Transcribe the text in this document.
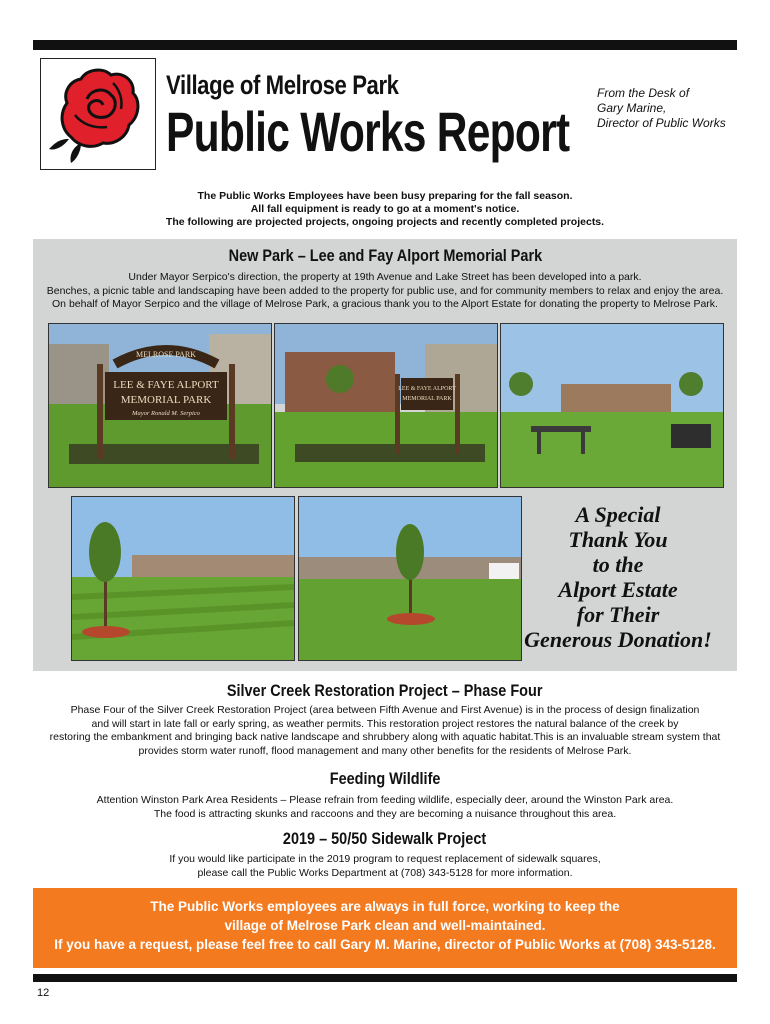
Village of Melrose Park
Public Works Report
From the Desk of
Gary Marine,
Director of Public Works
The Public Works Employees have been busy preparing for the fall season.
All fall equipment is ready to go at a moment's notice.
The following are projected projects, ongoing projects and recently completed projects.
New Park – Lee and Fay Alport Memorial Park
Under Mayor Serpico's direction, the property at 19th Avenue and Lake Street has been developed into a park.
Benches, a picnic table and landscaping have been added to the property for public use, and for community members to relax and enjoy the area.
On behalf of Mayor Serpico and the village of Melrose Park, a gracious thank you to the Alport Estate for donating the property to Melrose Park.
MELROSE PARK
LEE & FAYE ALPORT
MEMORIAL PARK
Mayor Ronald M. Serpico
LEE & FAYE ALPORT
MEMORIAL PARK
A Special
Thank You
to the
Alport Estate
for Their
Generous Donation!
Silver Creek Restoration Project – Phase Four
Phase Four of the Silver Creek Restoration Project (area between Fifth Avenue and First Avenue) is in the process of design finalization
and will start in late fall or early spring, as weather permits. This restoration project restores the natural balance of the creek by
restoring the embankment and bringing back native landscape and shrubbery along with aquatic habitat.This is an invaluable stream system that
provides storm water runoff, flood management and many other benefits for the residents of Melrose Park.
Feeding Wildlife
Attention Winston Park Area Residents – Please refrain from feeding wildlife, especially deer, around the Winston Park area.
The food is attracting skunks and raccoons and they are becoming a nuisance throughout this area.
2019 – 50/50 Sidewalk Project
If you would like participate in the 2019 program to request replacement of sidewalk squares,
please call the Public Works Department at (708) 343-5128 for more information.
The Public Works employees are always in full force, working to keep the
village of Melrose Park clean and well-maintained.
If you have a request, please feel free to call Gary M. Marine, director of Public Works at (708) 343-5128.
12
